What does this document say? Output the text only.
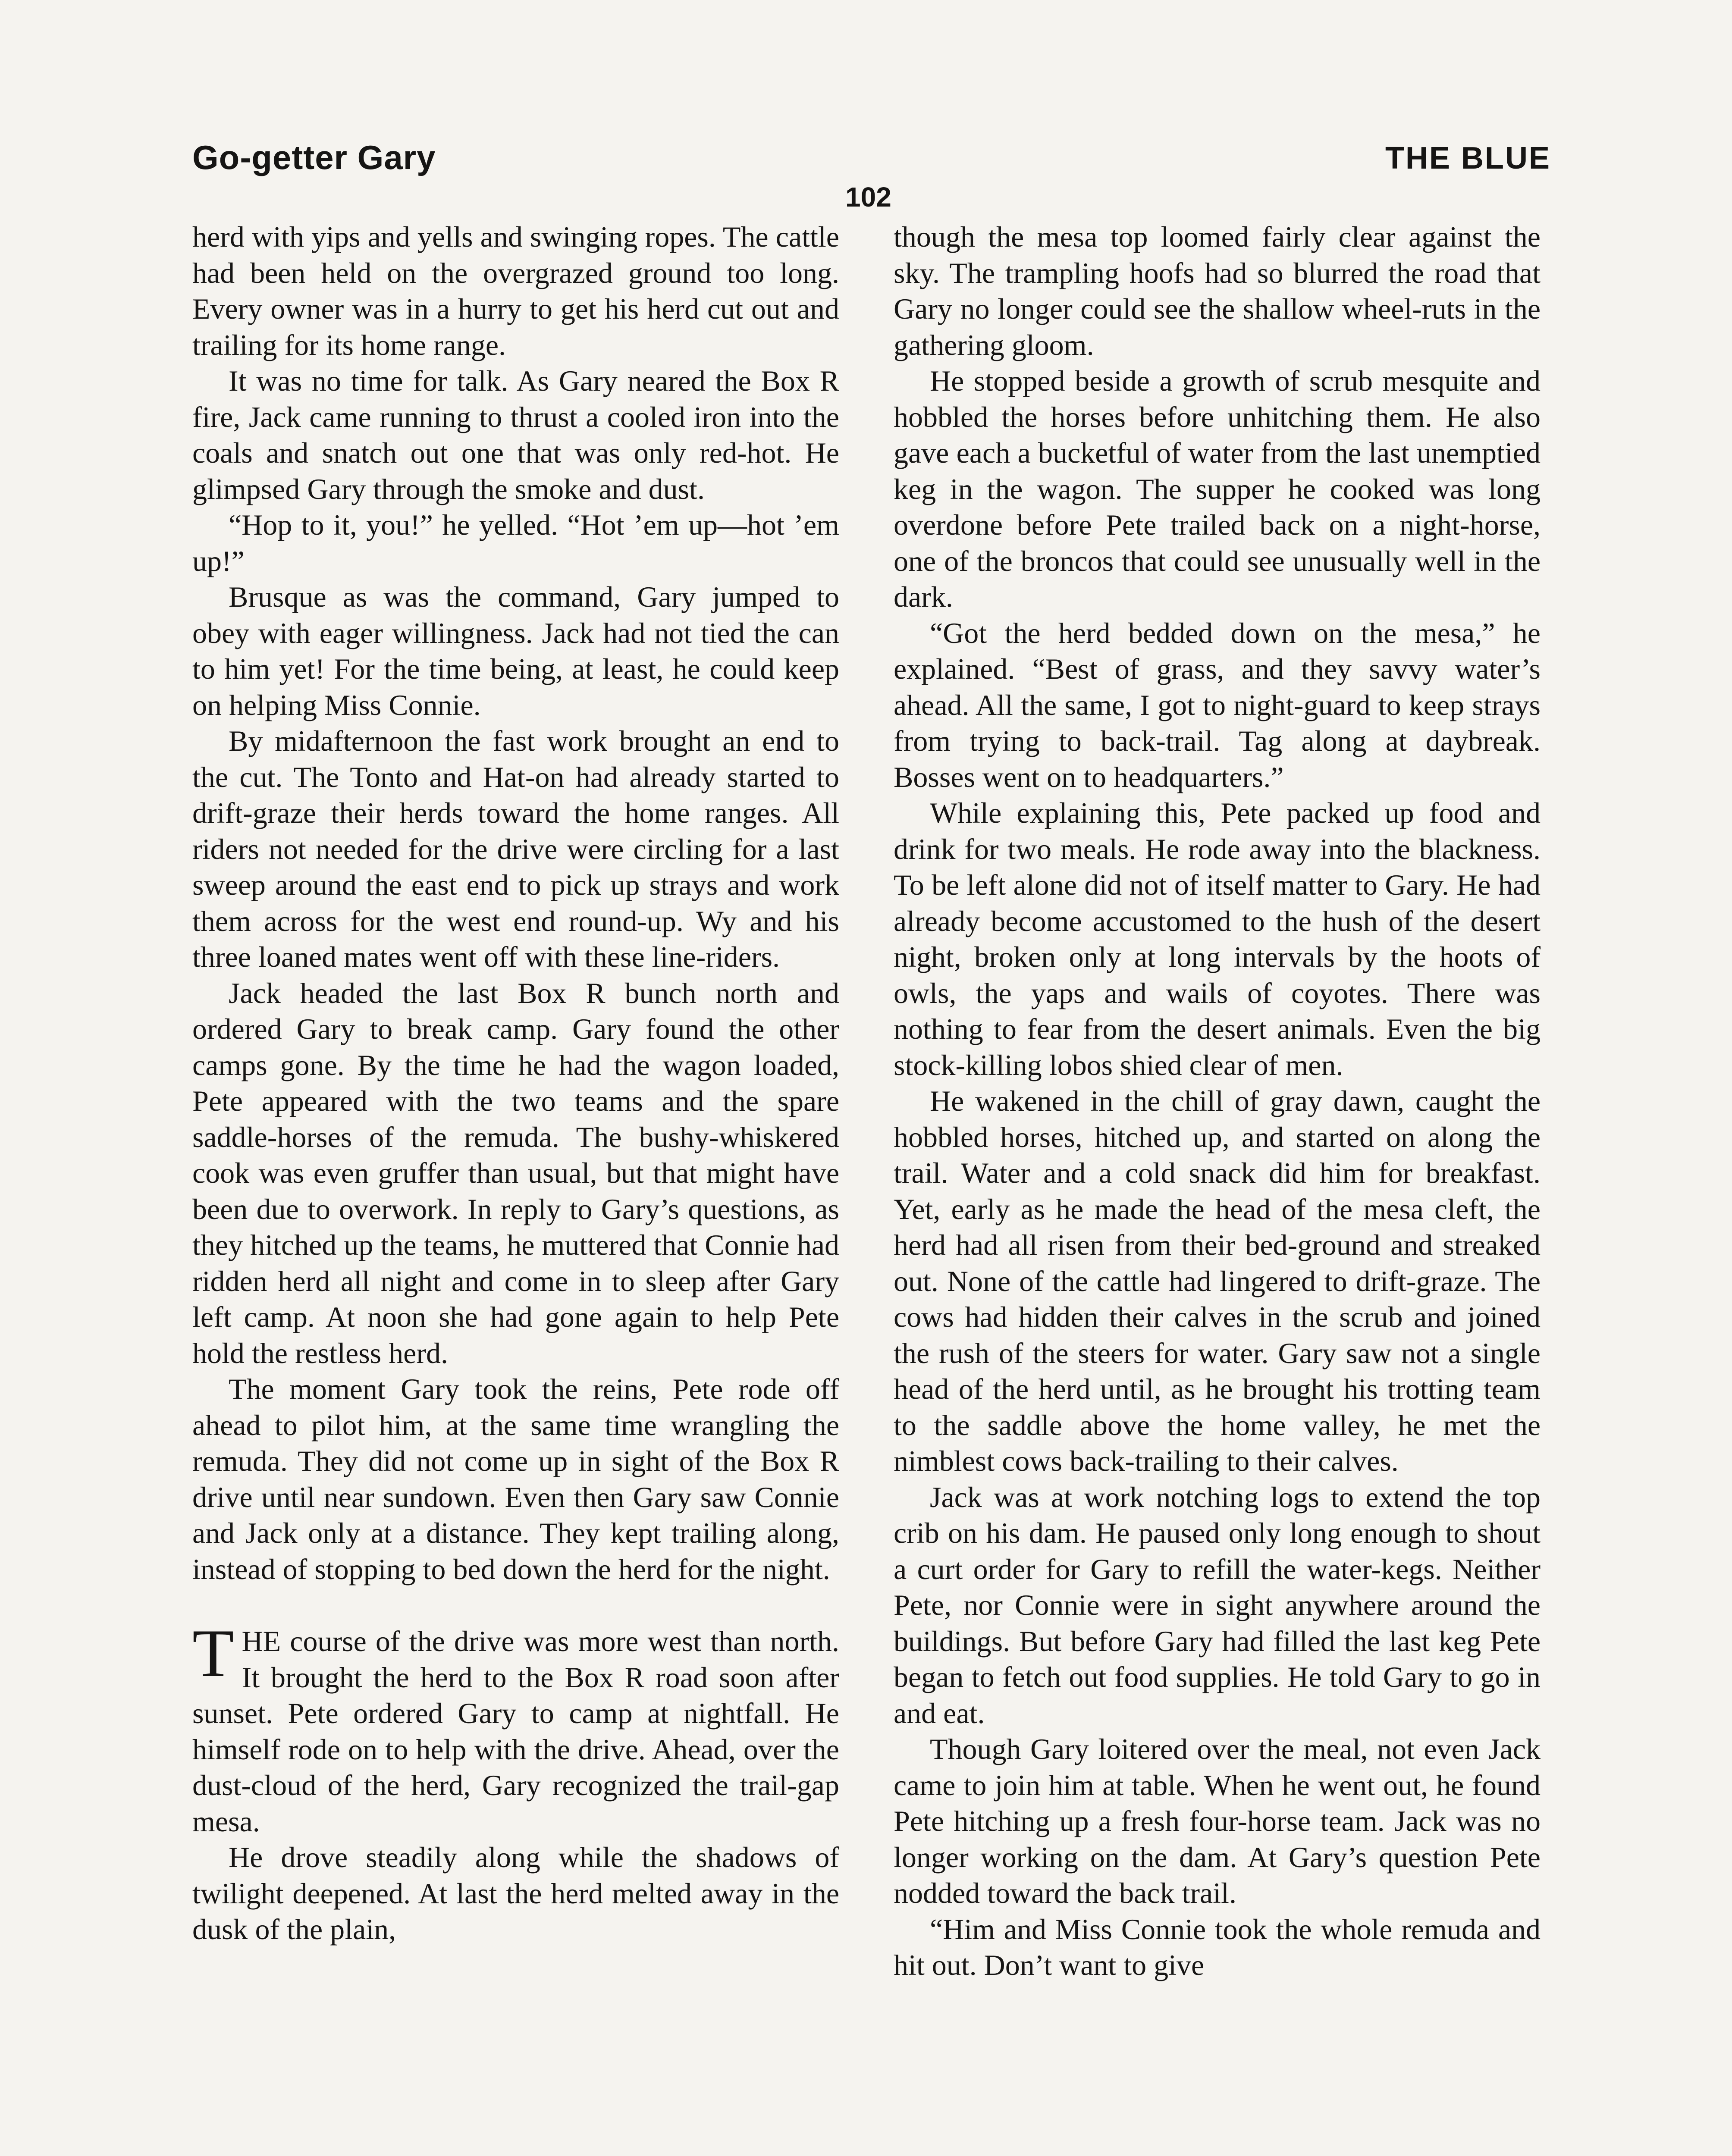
Go-getter Gary	THE BLUE
102

herd with yips and yells and swinging ropes. The cattle had been held on the overgrazed ground too long. Every owner was in a hurry to get his herd cut out and trailing for its home range.

It was no time for talk. As Gary neared the Box R fire, Jack came running to thrust a cooled iron into the coals and snatch out one that was only red-hot. He glimpsed Gary through the smoke and dust.

“Hop to it, you!” he yelled. “Hot ’em up—hot ’em up!”

Brusque as was the command, Gary jumped to obey with eager willingness. Jack had not tied the can to him yet! For the time being, at least, he could keep on helping Miss Connie.

By midafternoon the fast work brought an end to the cut. The Tonto and Hat-on had already started to drift-graze their herds toward the home ranges. All riders not needed for the drive were circling for a last sweep around the east end to pick up strays and work them across for the west end round-up. Wy and his three loaned mates went off with these line-riders.

Jack headed the last Box R bunch north and ordered Gary to break camp. Gary found the other camps gone. By the time he had the wagon loaded, Pete appeared with the two teams and the spare saddle-horses of the remuda. The bushy-whiskered cook was even gruffer than usual, but that might have been due to overwork. In reply to Gary’s questions, as they hitched up the teams, he muttered that Connie had ridden herd all night and come in to sleep after Gary left camp. At noon she had gone again to help Pete hold the restless herd.

The moment Gary took the reins, Pete rode off ahead to pilot him, at the same time wrangling the remuda. They did not come up in sight of the Box R drive until near sundown. Even then Gary saw Connie and Jack only at a distance. They kept trailing along, instead of stopping to bed down the herd for the night.

THE course of the drive was more west than north. It brought the herd to the Box R road soon after sunset. Pete ordered Gary to camp at nightfall. He himself rode on to help with the drive. Ahead, over the dust-cloud of the herd, Gary recognized the trail-gap mesa.

He drove steadily along while the shadows of twilight deepened. At last the herd melted away in the dusk of the plain,

though the mesa top loomed fairly clear against the sky. The trampling hoofs had so blurred the road that Gary no longer could see the shallow wheel-ruts in the gathering gloom.

He stopped beside a growth of scrub mesquite and hobbled the horses before unhitching them. He also gave each a bucketful of water from the last unemptied keg in the wagon. The supper he cooked was long overdone before Pete trailed back on a night-horse, one of the broncos that could see unusually well in the dark.

“Got the herd bedded down on the mesa,” he explained. “Best of grass, and they savvy water’s ahead. All the same, I got to night-guard to keep strays from trying to back-trail. Tag along at daybreak. Bosses went on to headquarters.”

While explaining this, Pete packed up food and drink for two meals. He rode away into the blackness. To be left alone did not of itself matter to Gary. He had already become accustomed to the hush of the desert night, broken only at long intervals by the hoots of owls, the yaps and wails of coyotes. There was nothing to fear from the desert animals. Even the big stock-killing lobos shied clear of men.

He wakened in the chill of gray dawn, caught the hobbled horses, hitched up, and started on along the trail. Water and a cold snack did him for breakfast. Yet, early as he made the head of the mesa cleft, the herd had all risen from their bed-ground and streaked out. None of the cattle had lingered to drift-graze. The cows had hidden their calves in the scrub and joined the rush of the steers for water. Gary saw not a single head of the herd until, as he brought his trotting team to the saddle above the home valley, he met the nimblest cows back-trailing to their calves.

Jack was at work notching logs to extend the top crib on his dam. He paused only long enough to shout a curt order for Gary to refill the water-kegs. Neither Pete, nor Connie were in sight anywhere around the buildings. But before Gary had filled the last keg Pete began to fetch out food supplies. He told Gary to go in and eat.

Though Gary loitered over the meal, not even Jack came to join him at table. When he went out, he found Pete hitching up a fresh four-horse team. Jack was no longer working on the dam. At Gary’s question Pete nodded toward the back trail.

“Him and Miss Connie took the whole remuda and hit out. Don’t want to give
